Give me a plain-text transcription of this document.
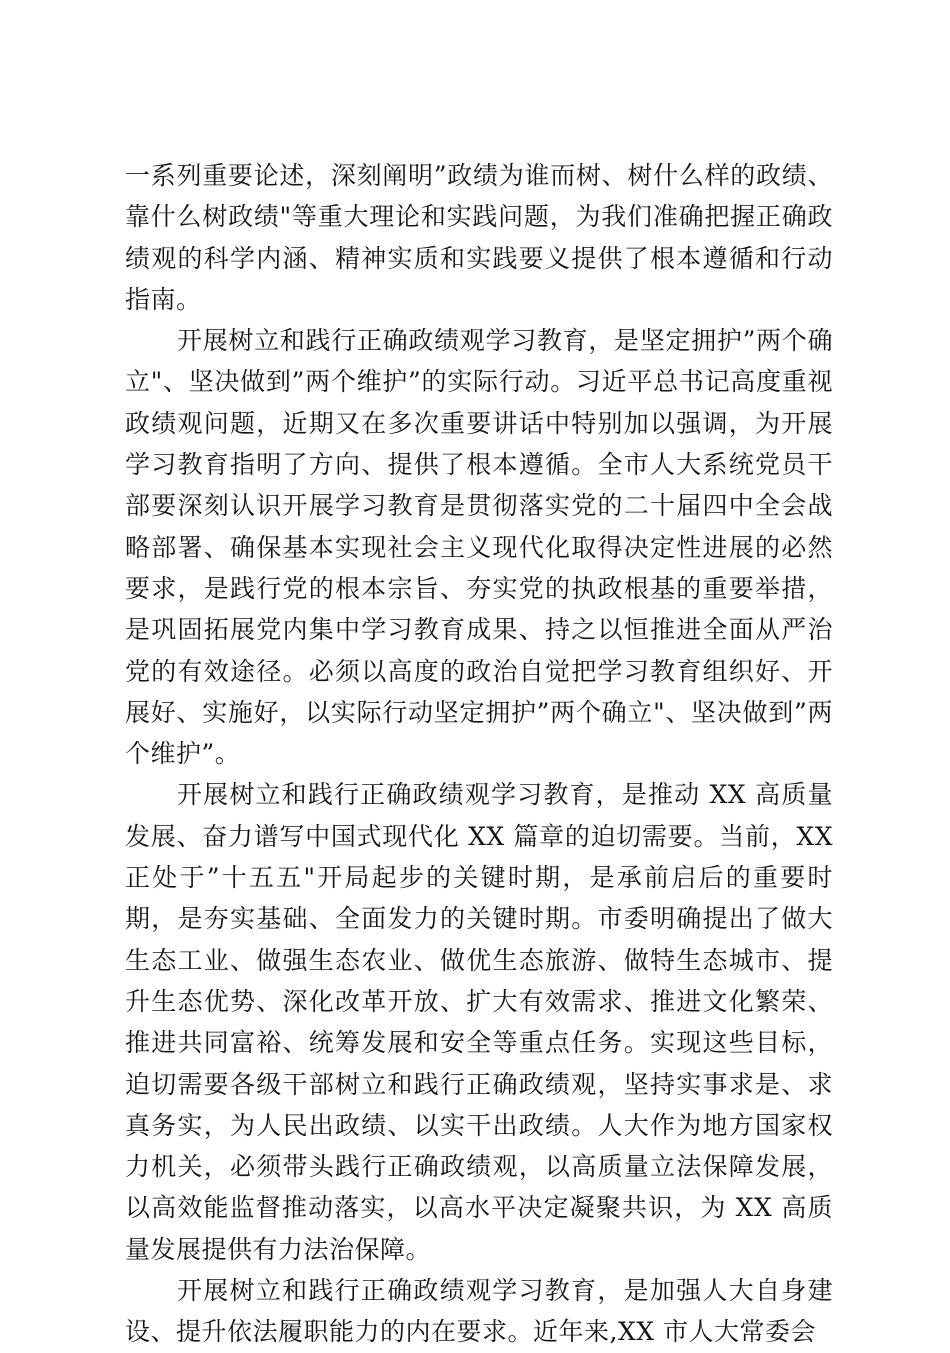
一系列重要论述，深刻阐明”政绩为谁而树、树什么样的政绩、靠什么树政绩"等重大理论和实践问题，为我们准确把握正确政绩观的科学内涵、精神实质和实践要义提供了根本遵循和行动指南。

开展树立和践行正确政绩观学习教育，是坚定拥护”两个确立"、坚决做到”两个维护”的实际行动。习近平总书记高度重视政绩观问题，近期又在多次重要讲话中特别加以强调，为开展学习教育指明了方向、提供了根本遵循。全市人大系统党员干部要深刻认识开展学习教育是贯彻落实党的二十届四中全会战略部署、确保基本实现社会主义现代化取得决定性进展的必然要求，是践行党的根本宗旨、夯实党的执政根基的重要举措，是巩固拓展党内集中学习教育成果、持之以恒推进全面从严治党的有效途径。必须以高度的政治自觉把学习教育组织好、开展好、实施好，以实际行动坚定拥护”两个确立"、坚决做到”两个维护”。

开展树立和践行正确政绩观学习教育，是推动 XX 高质量发展、奋力谱写中国式现代化 XX 篇章的迫切需要。当前，XX 正处于”十五五"开局起步的关键时期，是承前启后的重要时期，是夯实基础、全面发力的关键时期。市委明确提出了做大生态工业、做强生态农业、做优生态旅游、做特生态城市、提升生态优势、深化改革开放、扩大有效需求、推进文化繁荣、推进共同富裕、统筹发展和安全等重点任务。实现这些目标，迫切需要各级干部树立和践行正确政绩观，坚持实事求是、求真务实，为人民出政绩、以实干出政绩。人大作为地方国家权力机关，必须带头践行正确政绩观，以高质量立法保障发展，以高效能监督推动落实，以高水平决定凝聚共识，为 XX 高质量发展提供有力法治保障。

开展树立和践行正确政绩观学习教育，是加强人大自身建设、提升依法履职能力的内在要求。近年来,XX 市人大常委会
